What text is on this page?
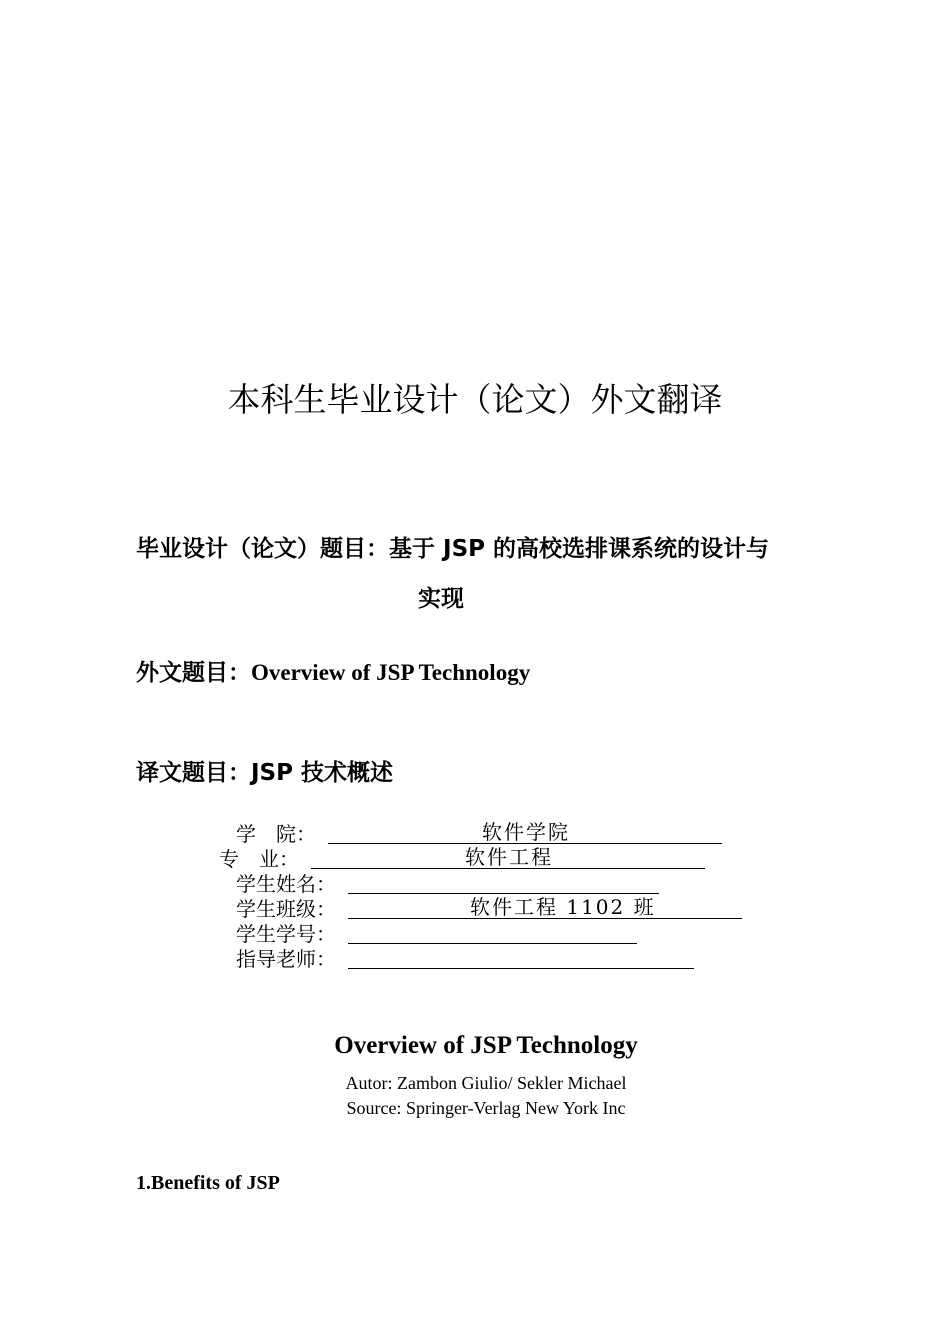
本科生毕业设计（论文）外文翻译
毕业设计（论文）题目：基于 JSP 的高校选排课系统的设计与
实现
外文题目：Overview of JSP Technology
译文题目：JSP 技术概述
学　院：	软件学院
专　业：	软件工程
学生姓名：
学生班级：	软件工程 1102 班
学生学号：
指导老师：
Overview of JSP Technology
Autor: Zambon Giulio/ Sekler Michael
Source: Springer-Verlag New York Inc
1.Benefits of JSP
